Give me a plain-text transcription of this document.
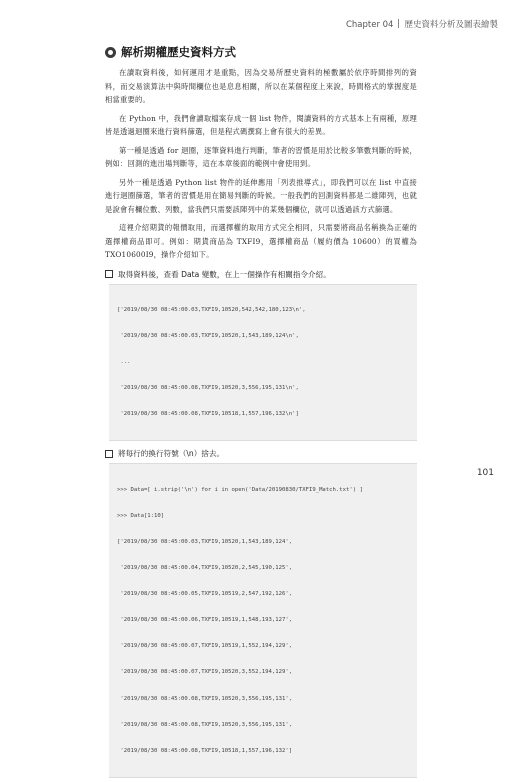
Chapter 04 歷史資料分析及圖表繪製
解析期權歷史資料方式

在讀取資料後，如何運用才是重點，因為交易所歷史資料的極數屬於依序時間排列的資料，而交易演算法中與時間欄位也是息息相關，所以在某個程度上來說，時間格式的掌握度是相當重要的。

在 Python 中，我們會讀取檔案存成一個 list 物件，閱讀資料的方式基本上有兩種，原理皆是透過迴圈來進行資料篩選，但是程式碼撰寫上會有很大的差異。

第一種是透過 for 迴圈，逐筆資料進行判斷，筆者的習慣是用於比較多筆數判斷的時候，例如：回測的進出場判斷等，這在本章後面的範例中會使用到。

另外一種是透過 Python list 物件的延伸應用「列表推導式」，即我們可以在 list 中直接進行迴圈篩選，筆者的習慣是用在簡易判斷的時候。一般我們的回測資料都是二維陣列，也就是說會有欄位數、列數，當我們只需要該陣列中的某幾個欄位，就可以透過該方式篩選。

這裡介紹期貨的報價取用，而選擇權的取用方式完全相同，只需要將商品名稱換為正確的選擇權商品即可。例如：期貨商品為 TXFI9，選擇權商品（履約價為 10600）的買權為 TXO10600I9，操作介紹如下。

取得資料後，查看 Data 變數，在上一個操作有相關指令介紹。

['2019/08/30 08:45:00.03,TXFI9,10520,542,542,180,123\n',

'2019/08/30 08:45:00.03,TXFI9,10520,1,543,189,124\n',

...

'2019/08/30 08:45:00.08,TXFI9,10520,3,556,195,131\n',

'2019/08/30 08:45:00.08,TXFI9,10518,1,557,196,132\n']

將每行的換行符號（\n）捨去。

>>> Data=[ i.strip('\n') for i in open('Data/20190830/TXFI9_Match.txt') ]

>>> Data[1:10]

['2019/08/30 08:45:00.03,TXFI9,10520,1,543,189,124',

'2019/08/30 08:45:00.04,TXFI9,10520,2,545,190,125',

'2019/08/30 08:45:00.05,TXFI9,10519,2,547,192,126',

'2019/08/30 08:45:00.06,TXFI9,10519,1,548,193,127',

'2019/08/30 08:45:00.07,TXFI9,10519,1,552,194,129',

'2019/08/30 08:45:00.07,TXFI9,10520,3,552,194,129',

'2019/08/30 08:45:00.08,TXFI9,10520,3,556,195,131',

'2019/08/30 08:45:00.08,TXFI9,10520,3,556,195,131',

'2019/08/30 08:45:00.08,TXFI9,10518,1,557,196,132']

101
